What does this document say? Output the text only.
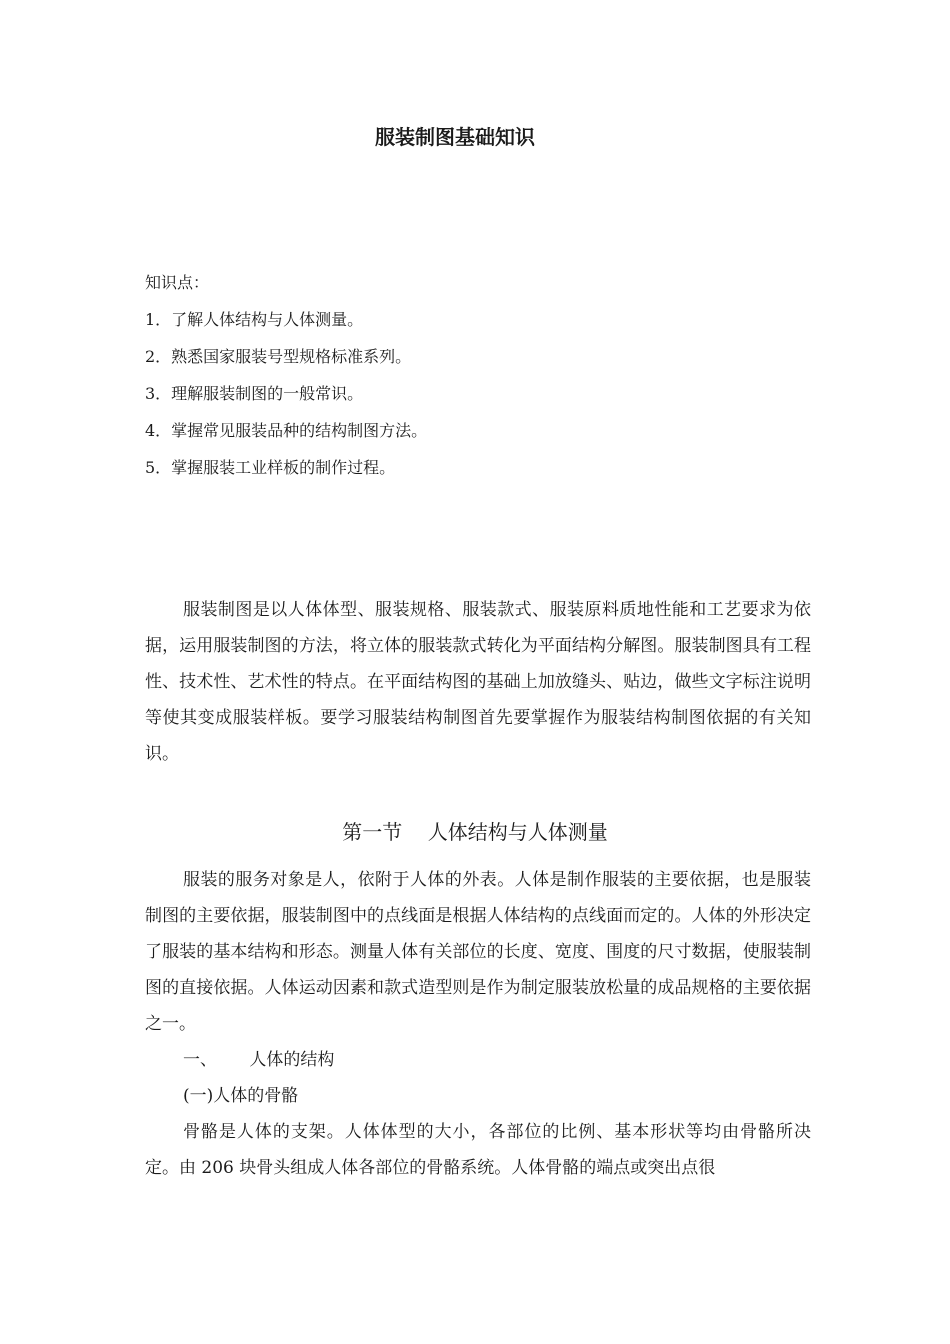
服装制图基础知识
知识点：
1．了解人体结构与人体测量。
2．熟悉国家服装号型规格标准系列。
3．理解服装制图的一般常识。
4．掌握常见服装品种的结构制图方法。
5．掌握服装工业样板的制作过程。
服装制图是以人体体型、服装规格、服装款式、服装原料质地性能和工艺要求为依据，运用服装制图的方法，将立体的服装款式转化为平面结构分解图。服装制图具有工程性、技术性、艺术性的特点。在平面结构图的基础上加放缝头、贴边，做些文字标注说明等使其变成服装样板。要学习服装结构制图首先要掌握作为服装结构制图依据的有关知识。
第一节    人体结构与人体测量

服装的服务对象是人，依附于人体的外表。人体是制作服装的主要依据，也是服装制图的主要依据，服装制图中的点线面是根据人体结构的点线面而定的。人体的外形决定了服装的基本结构和形态。测量人体有关部位的长度、宽度、围度的尺寸数据，使服装制图的直接依据。人体运动因素和款式造型则是作为制定服装放松量的成品规格的主要依据之一。

一、      人体的结构
(一)人体的骨骼

骨骼是人体的支架。人体体型的大小，各部位的比例、基本形状等均由骨骼所决定。由 206 块骨头组成人体各部位的骨骼系统。人体骨骼的端点或突出点很
